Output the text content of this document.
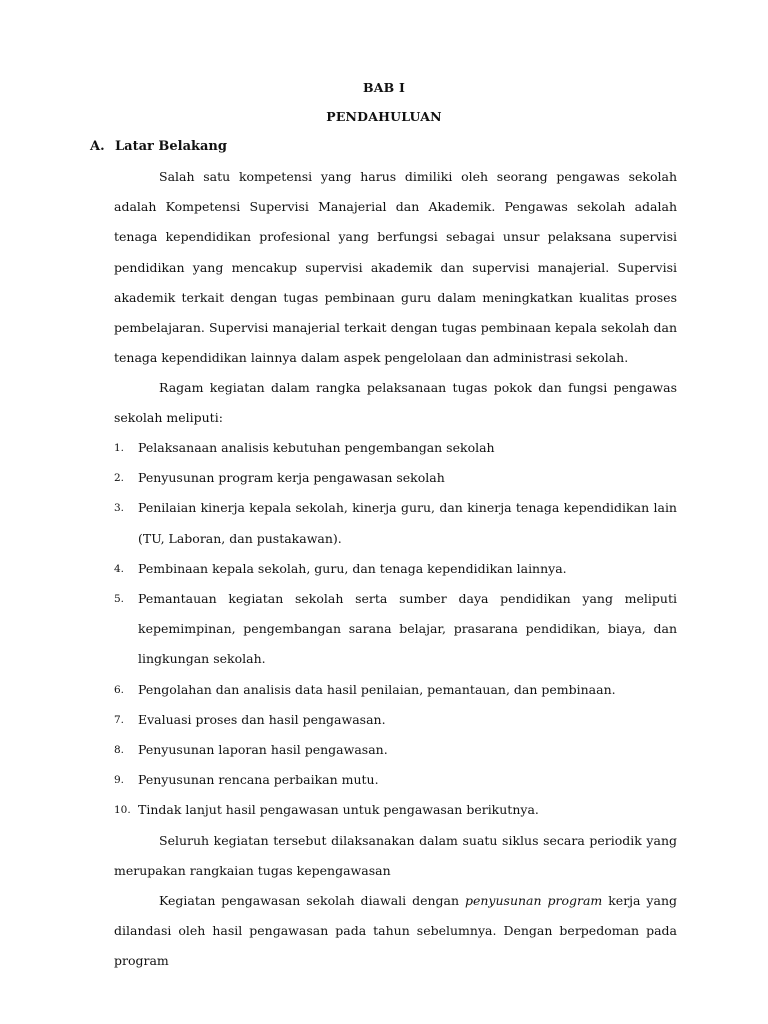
BAB I
PENDAHULUAN
A. Latar Belakang

Salah satu kompetensi yang harus dimiliki oleh seorang pengawas sekolah adalah Kompetensi Supervisi Manajerial dan Akademik. Pengawas sekolah adalah tenaga kependidikan profesional yang berfungsi sebagai unsur pelaksana supervisi pendidikan yang mencakup supervisi akademik dan supervisi manajerial. Supervisi akademik terkait dengan tugas pembinaan guru dalam meningkatkan kualitas proses pembelajaran. Supervisi manajerial terkait dengan tugas pembinaan kepala sekolah dan tenaga kependidikan lainnya dalam aspek pengelolaan dan administrasi sekolah.

Ragam kegiatan dalam rangka pelaksanaan tugas pokok dan fungsi pengawas sekolah meliputi:

1. Pelaksanaan analisis kebutuhan pengembangan sekolah
2. Penyusunan program kerja pengawasan sekolah
3. Penilaian kinerja kepala sekolah, kinerja guru, dan kinerja tenaga kependidikan lain (TU, Laboran, dan pustakawan).
4. Pembinaan kepala sekolah, guru, dan tenaga kependidikan lainnya.
5. Pemantauan kegiatan sekolah serta sumber daya pendidikan yang meliputi kepemimpinan, pengembangan sarana belajar, prasarana pendidikan, biaya, dan lingkungan sekolah.
6. Pengolahan dan analisis data hasil penilaian, pemantauan, dan pembinaan.
7. Evaluasi proses dan hasil pengawasan.
8. Penyusunan laporan hasil pengawasan.
9. Penyusunan rencana perbaikan mutu.
10. Tindak lanjut hasil pengawasan untuk pengawasan berikutnya.

Seluruh kegiatan tersebut dilaksanakan dalam suatu siklus secara periodik yang merupakan rangkaian tugas kepengawasan

Kegiatan pengawasan sekolah diawali dengan penyusunan program kerja yang dilandasi oleh hasil pengawasan pada tahun sebelumnya. Dengan berpedoman pada program
